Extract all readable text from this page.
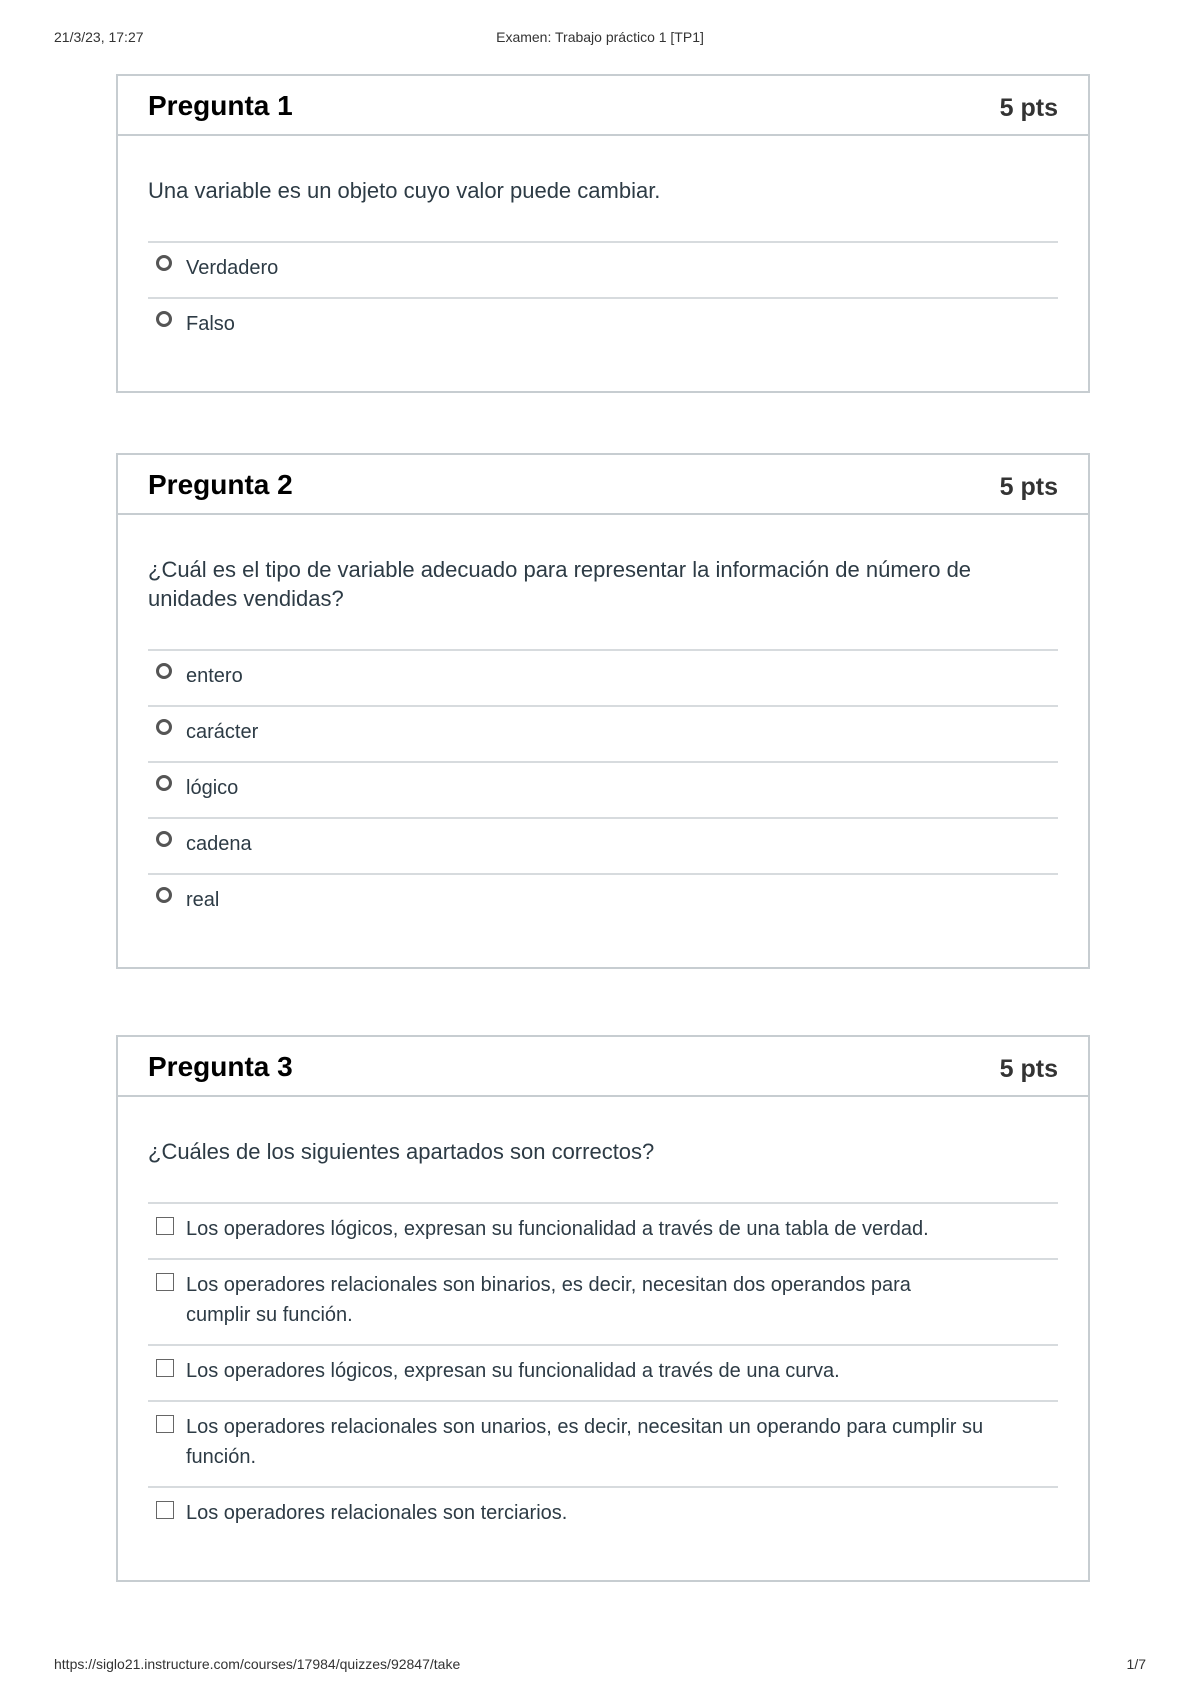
21/3/23, 17:27	Examen: Trabajo práctico 1 [TP1]
Pregunta 1	5 pts
Una variable es un objeto cuyo valor puede cambiar.
Verdadero
Falso
Pregunta 2	5 pts
¿Cuál es el tipo de variable adecuado para representar la información de número de unidades vendidas?
entero
carácter
lógico
cadena
real
Pregunta 3	5 pts
¿Cuáles de los siguientes apartados son correctos?
Los operadores lógicos, expresan su funcionalidad a través de una tabla de verdad.
Los operadores relacionales son binarios, es decir, necesitan dos operandos para cumplir su función.
Los operadores lógicos, expresan su funcionalidad a través de una curva.
Los operadores relacionales son unarios, es decir, necesitan un operando para cumplir su función.
Los operadores relacionales son terciarios.
https://siglo21.instructure.com/courses/17984/quizzes/92847/take	1/7
